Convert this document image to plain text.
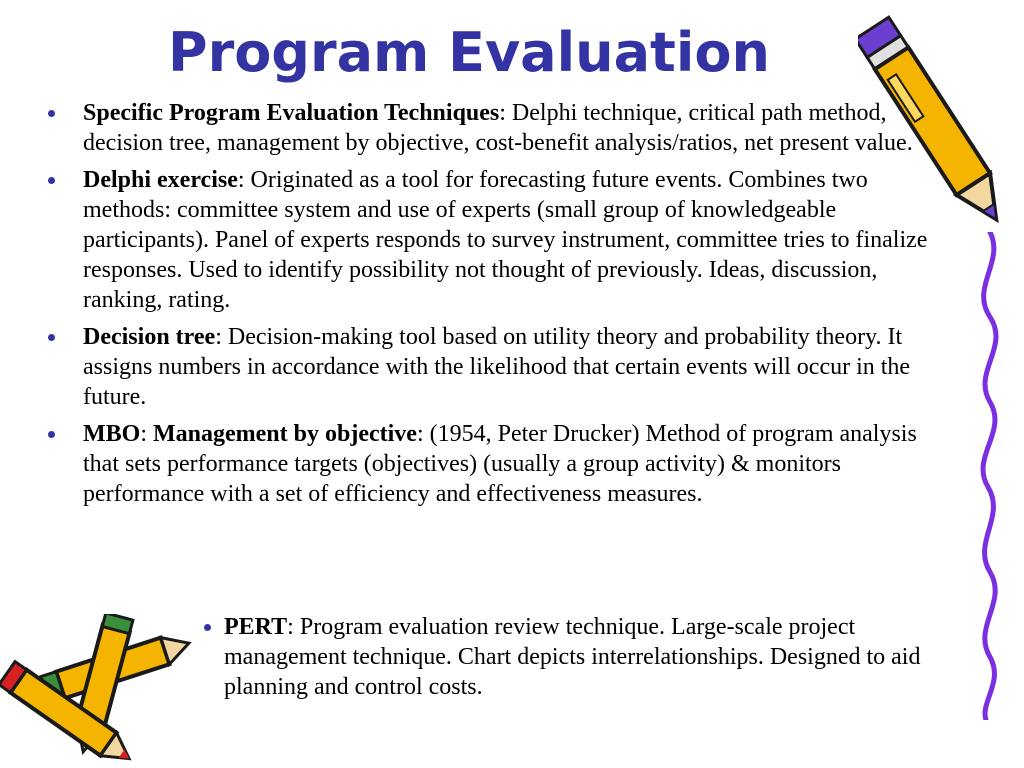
Program Evaluation
Specific Program Evaluation Techniques: Delphi technique, critical path method, decision tree, management by objective, cost-benefit analysis/ratios, net present value.
Delphi exercise: Originated as a tool for forecasting future events. Combines two methods: committee system and use of experts (small group of knowledgeable participants). Panel of experts responds to survey instrument, committee tries to finalize responses. Used to identify possibility not thought of previously. Ideas, discussion, ranking, rating.
Decision tree: Decision-making tool based on utility theory and probability theory. It assigns numbers in accordance with the likelihood that certain events will occur in the future.
MBO: Management by objective: (1954, Peter Drucker) Method of program analysis that sets performance targets (objectives) (usually a group activity) & monitors performance with a set of efficiency and effectiveness measures.
PERT: Program evaluation review technique. Large-scale project management technique. Chart depicts interrelationships. Designed to aid planning and control costs.
